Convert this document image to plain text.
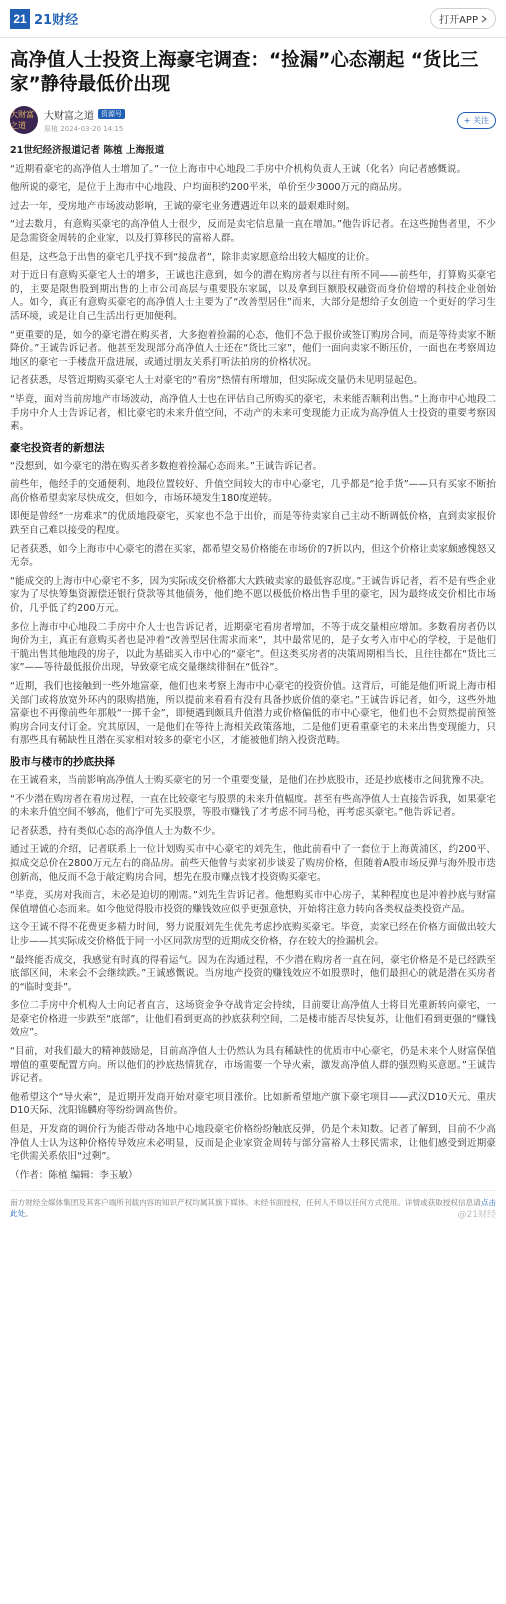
21 21财经	打开APP
高净值人士投资上海豪宅调查：“捡漏”心态潮起 “货比三家”静待最低价出现
大财富之道
大财富之道	资源号
原植 2024-03-20 14:15
+ 关注

21世纪经济报道记者 陈植 上海报道

“近期看豪宅的高净值人士增加了。”一位上海市中心地段二手房中介机构负责人王诚（化名）向记者感慨说。

他所说的豪宅，是位于上海市中心地段、户均面积约200平米，单价至少3000万元的商品房。

过去一年，受房地产市场波动影响，王诚的豪宅业务遭遇近年以来的最艰难时刻。

“过去数月，有意购买豪宅的高净值人士很少，反而是卖宅信息量一直在增加。”他告诉记者。在这些抛售者里，不少是急需资金周转的企业家，以及打算移民的富裕人群。

但是，这些急于出售的豪宅几乎找不到“接盘者”，除非卖家愿意给出较大幅度的让价。

对于近日有意购买豪宅人士的增多，王诚也注意到，如今的潜在购房者与以往有所不同——前些年，打算购买豪宅的，主要是限售股到期出售的上市公司高层与重要股东家属，以及拿到巨额股权融资而身价倍增的科技企业创始人。如今，真正有意购买豪宅的高净值人士主要为了“改善型居住”而来，大部分是想给子女创造一个更好的学习生活环境，或是让自己生活出行更加便利。

“更重要的是，如今的豪宅潜在购买者，大多抱着捡漏的心态，他们不急于报价或签订购房合同，而是等待卖家不断降价。”王诚告诉记者。他甚至发现部分高净值人士还在“货比三家”，他们一面向卖家不断压价，一面也在考察周边地区的豪宅一手楼盘开盘进展，或通过朋友关系打听法拍房的价格状况。

记者获悉，尽管近期购买豪宅人士对豪宅的“看房”热情有所增加，但实际成交量仍未见明显起色。

“毕竟，面对当前房地产市场波动，高净值人士也在评估自己所购买的豪宅，未来能否顺利出售。”上海市中心地段二手房中介人士告诉记者，相比豪宅的未来升值空间，不动产的未来可变现能力正成为高净值人士投资的重要考察因素。

豪宅投资者的新想法

“没想到，如今豪宅的潜在购买者多数抱着捡漏心态而来。”王诚告诉记者。

前些年，他经手的交通便利、地段位置较好、升值空间较大的市中心豪宅，几乎都是“抢手货”——只有买家不断抬高价格希望卖家尽快成交，但如今，市场环境发生180度逆转。

即便是曾经“一房难求”的优质地段豪宅，买家也不急于出价，而是等待卖家自己主动不断调低价格，直到卖家报价跌至自己难以接受的程度。

记者获悉，如今上海市中心豪宅的潜在买家，都希望交易价格能在市场价的7折以内，但这个价格让卖家颇感愧怒又无奈。

“能成交的上海市中心豪宅不多，因为实际成交价格都大大跌破卖家的最低容忍度。”王诚告诉记者，若不是有些企业家为了尽快筹集资源偿还银行贷款等其他债务，他们绝不愿以极低价格出售手里的豪宅，因为最终成交价相比市场价，几乎低了约200万元。

多位上海市中心地段二手房中介人士也告诉记者，近期豪宅看房者增加，不等于成交量相应增加。多数看房者仍以询价为主，真正有意购买者也是冲着“改善型居住需求而来”，其中最常见的，是子女考入市中心的学校，于是他们干脆出售其他地段的房子，以此为基础买入市中心的“豪宅”。但这类买房者的决策周期相当长，且往往都在“货比三家”——等待最低报价出现，导致豪宅成交量继续徘徊在“低谷”。

“近期，我们也接触到一些外地富豪，他们也来考察上海市中心豪宅的投资价值。这背后，可能是他们听说上海市相关部门或将放宽外环内的限购措施，所以提前来看看有没有具备抄底价值的豪宅。”王诚告诉记者，如今，这些外地富豪也不再像前些年那般“一掷千金”，即便遇到颇具升值潜力或价格偏低的市中心豪宅，他们也不会贸然提前预签购房合同支付订金。究其原因，一是他们在等待上海相关政策落地，二是他们更看重豪宅的未来出售变现能力，只有那些具有稀缺性且潜在买家相对较多的豪宅小区，才能被他们纳入投资范畴。

股市与楼市的抄底抉择

在王诚看来，当前影响高净值人士购买豪宅的另一个重要变量，是他们在抄底股市，还是抄底楼市之间犹豫不决。

“不少潜在购房者在看房过程，一直在比较豪宅与股票的未来升值幅度。甚至有些高净值人士直接告诉我，如果豪宅的未来升值空间不够高，他们宁可先买股票，等股市赚钱了才考虑不同马枪，再考虑买豪宅。”他告诉记者。

记者获悉，持有类似心态的高净值人士为数不少。

通过王诚的介绍，记者联系上一位计划购买市中心豪宅的刘先生，他此前看中了一套位于上海黄浦区，约200平、拟成交总价在2800万元左右的商品房。前些天他曾与卖家初步谈妥了购房价格，但随着A股市场反弹与海外股市迭创新高，他反而不急于敲定购房合同，想先在股市赚点钱才投资购买豪宅。

“毕竟，买房对我而言，未必是迫切的刚需。”刘先生告诉记者。他想购买市中心房子，某种程度也是冲着抄底与财富保值增值心态而来。如今他觉得股市投资的赚钱效应似乎更强意快，开始将注意力转向各类权益类投资产品。

这令王诚不得不花费更多精力时间，努力说服刘先生优先考虑抄底购买豪宅。毕竟，卖家已经在价格方面做出较大让步——其实际成交价格低于同一小区同款房型的近期成交价格，存在较大的捡漏机会。

“最终能否成交，我感觉有时真的得看运气。因为在沟通过程，不少潜在购房者一直在问，豪宅价格是不是已经跌至底部区间，未来会不会继续跌。”王诚感慨说。当房地产投资的赚钱效应不如股票时，他们最担心的就是潜在买房者的“临时变卦”。

多位二手房中介机构人士向记者直言，这场资金争夺战肯定会持续，目前要让高净值人士将目光重新转向豪宅，一是豪宅价格进一步跌至“底部”，让他们看到更高的抄底获利空间，二是楼市能否尽快复苏，让他们看到更强的“赚钱效应”。

“目前，对我们最大的精神鼓励是，目前高净值人士仍然认为具有稀缺性的优质市中心豪宅，仍是未来个人财富保值增值的重要配置方向。所以他们的抄底热情犹存，市场需要一个导火索，激发高净值人群的强烈购买意愿。”王诚告诉记者。

他希望这个“导火索”，是近期开发商开始对豪宅项目涨价。比如新希望地产旗下豪宅项目——武汉D10天元、重庆D10天际、沈阳锦麟府等纷纷调高售价。

但是，开发商的调价行为能否带动各地中心地段豪宅价格纷纷触底反弹，仍是个未知数。记者了解到，目前不少高净值人士认为这种价格传导效应未必明显，反而是企业家资金周转与部分富裕人士移民需求，让他们感受到近期豪宅供需关系依旧“过剩”。

（作者：陈植 编辑：李玉敏）

南方财经全媒体集团及其客户端所刊载内容的知识产权均属其旗下媒体。未经书面授权，任何人不得以任何方式使用。详情或获取授权信息请点击此处。	@21财经
